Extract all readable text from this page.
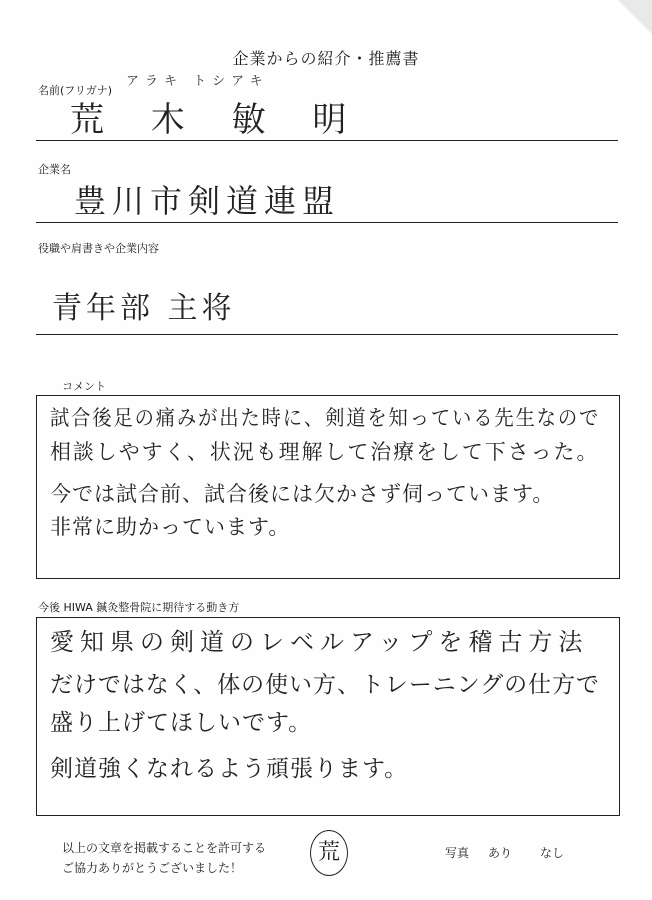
企業からの紹介・推薦書
名前(フリガナ)
アラキ トシアキ
荒 木 敏 明
企業名
豊川市剣道連盟
役職や肩書きや企業内容
青年部 主将
コメント
試合後足の痛みが出た時に、剣道を知っている先生なので
相談しやすく、状況も理解して治療をして下さった。
今では試合前、試合後には欠かさず伺っています。
非常に助かっています。
今後 HIWA 鍼灸整骨院に期待する動き方
愛知県の剣道のレベルアップを稽古方法
だけではなく、体の使い方、トレーニングの仕方で
盛り上げてほしいです。
剣道強くなれるよう頑張ります。
以上の文章を掲載することを許可する
ご協力ありがとうございました！
荒	写真 あり なし
